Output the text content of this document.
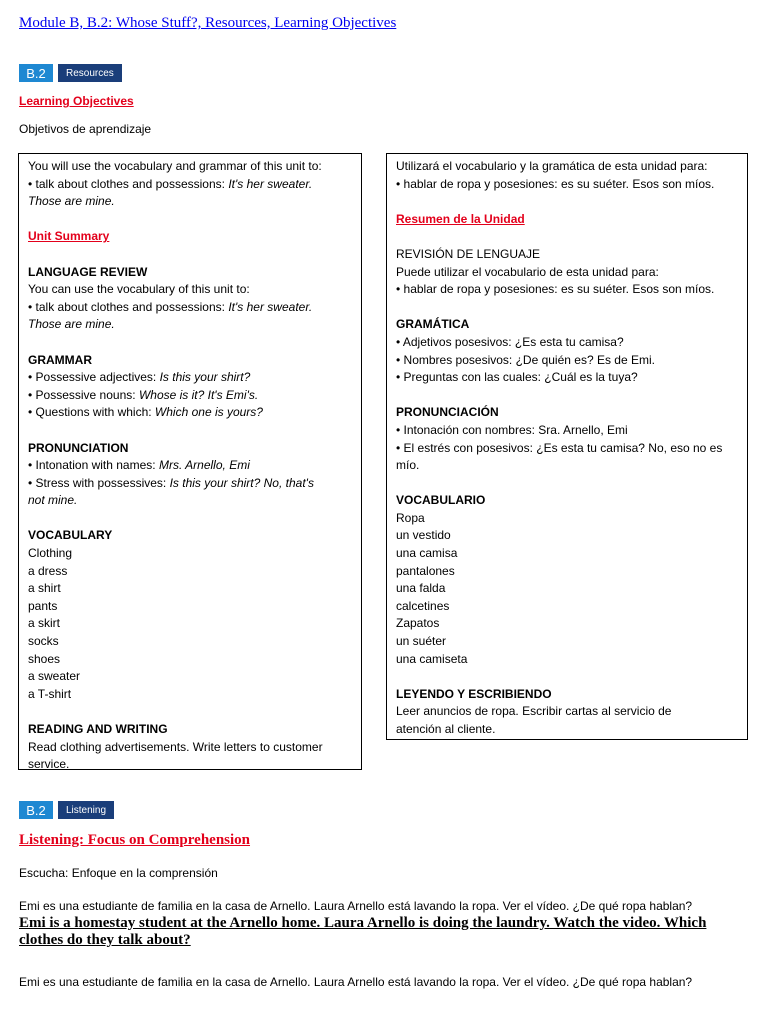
Module B, B.2: Whose Stuff?, Resources, Learning Objectives
B.2	Resources
Learning Objectives
Objetivos de aprendizaje
You will use the vocabulary and grammar of this unit to:
• talk about clothes and possessions: It's her sweater.
Those are mine.
Unit Summary
LANGUAGE REVIEW
You can use the vocabulary of this unit to:
• talk about clothes and possessions: It's her sweater.
Those are mine.
GRAMMAR
• Possessive adjectives: Is this your shirt?
• Possessive nouns: Whose is it? It's Emi's.
• Questions with which: Which one is yours?
PRONUNCIATION
• Intonation with names: Mrs. Arnello, Emi
• Stress with possessives: Is this your shirt? No, that's
not mine.
VOCABULARY
Clothing
a dress
a shirt
pants
a skirt
socks
shoes
a sweater
a T-shirt
READING AND WRITING
Read clothing advertisements. Write letters to customer
service.
Utilizará el vocabulario y la gramática de esta unidad para:
• hablar de ropa y posesiones: es su suéter. Esos son míos.
Resumen de la Unidad
REVISIÓN DE LENGUAJE
Puede utilizar el vocabulario de esta unidad para:
• hablar de ropa y posesiones: es su suéter. Esos son míos.
GRAMÁTICA
• Adjetivos posesivos: ¿Es esta tu camisa?
• Nombres posesivos: ¿De quién es? Es de Emi.
• Preguntas con las cuales: ¿Cuál es la tuya?
PRONUNCIACIÓN
• Intonación con nombres: Sra. Arnello, Emi
• El estrés con posesivos: ¿Es esta tu camisa? No, eso no es
mío.
VOCABULARIO
Ropa
un vestido
una camisa
pantalones
una falda
calcetines
Zapatos
un suéter
una camiseta
LEYENDO Y ESCRIBIENDO
Leer anuncios de ropa. Escribir cartas al servicio de
atención al cliente.
B.2	Listening
Listening: Focus on Comprehension
Escucha: Enfoque en la comprensión
Emi es una estudiante de familia en la casa de Arnello. Laura Arnello está lavando la ropa. Ver el vídeo. ¿De qué ropa hablan?
Emi is a homestay student at the Arnello home. Laura Arnello is doing the laundry. Watch the video. Which
clothes do they talk about?
Emi es una estudiante de familia en la casa de Arnello. Laura Arnello está lavando la ropa. Ver el vídeo. ¿De qué ropa hablan?
